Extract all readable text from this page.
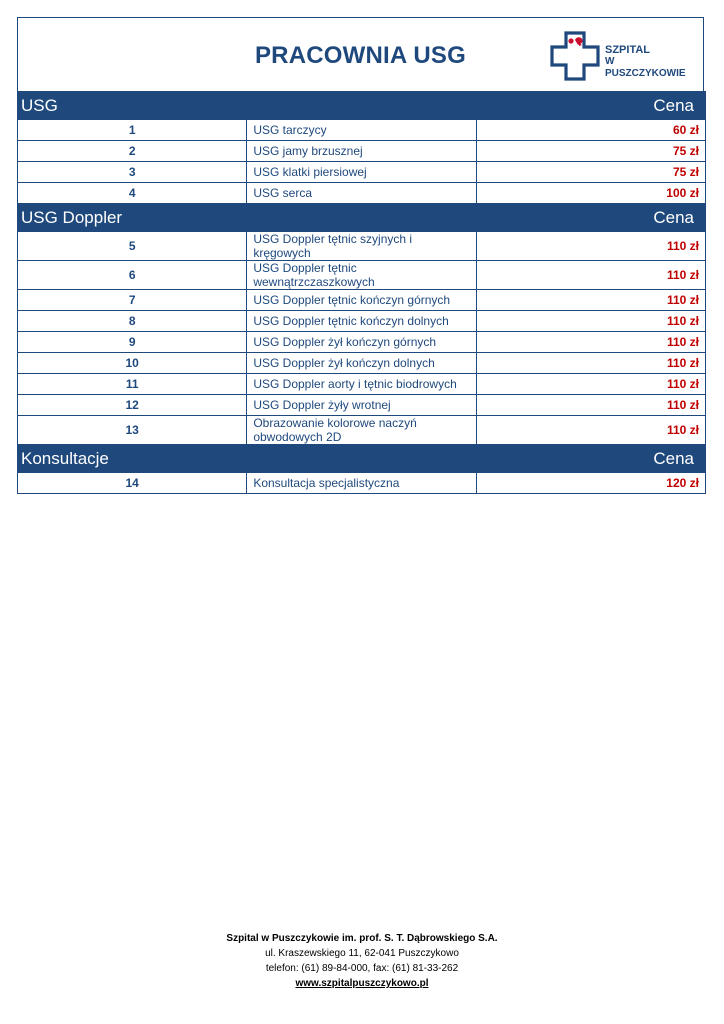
PRACOWNIA USG	SZPITAL
W PUSZCZYKOWIE
USG		Cena
1	USG tarczycy	60 zł
2	USG jamy brzusznej	75 zł
3	USG klatki piersiowej	75 zł
4	USG serca	100 zł
USG Doppler		Cena
5	USG Doppler tętnic szyjnych i kręgowych	110 zł
6	USG Doppler tętnic wewnątrzczaszkowych	110 zł
7	USG Doppler tętnic kończyn górnych	110 zł
8	USG Doppler tętnic kończyn dolnych	110 zł
9	USG Doppler żył kończyn górnych	110 zł
10	USG Doppler żył kończyn dolnych	110 zł
11	USG Doppler aorty i tętnic biodrowych	110 zł
12	USG Doppler żyły wrotnej	110 zł
13	Obrazowanie kolorowe naczyń obwodowych 2D	110 zł
Konsultacje		Cena
14	Konsultacja specjalistyczna	120 zł
Szpital w Puszczykowie im. prof. S. T. Dąbrowskiego S.A.
ul. Kraszewskiego 11, 62-041 Puszczykowo
telefon: (61) 89-84-000, fax: (61) 81-33-262
www.szpitalpuszczykowo.pl
